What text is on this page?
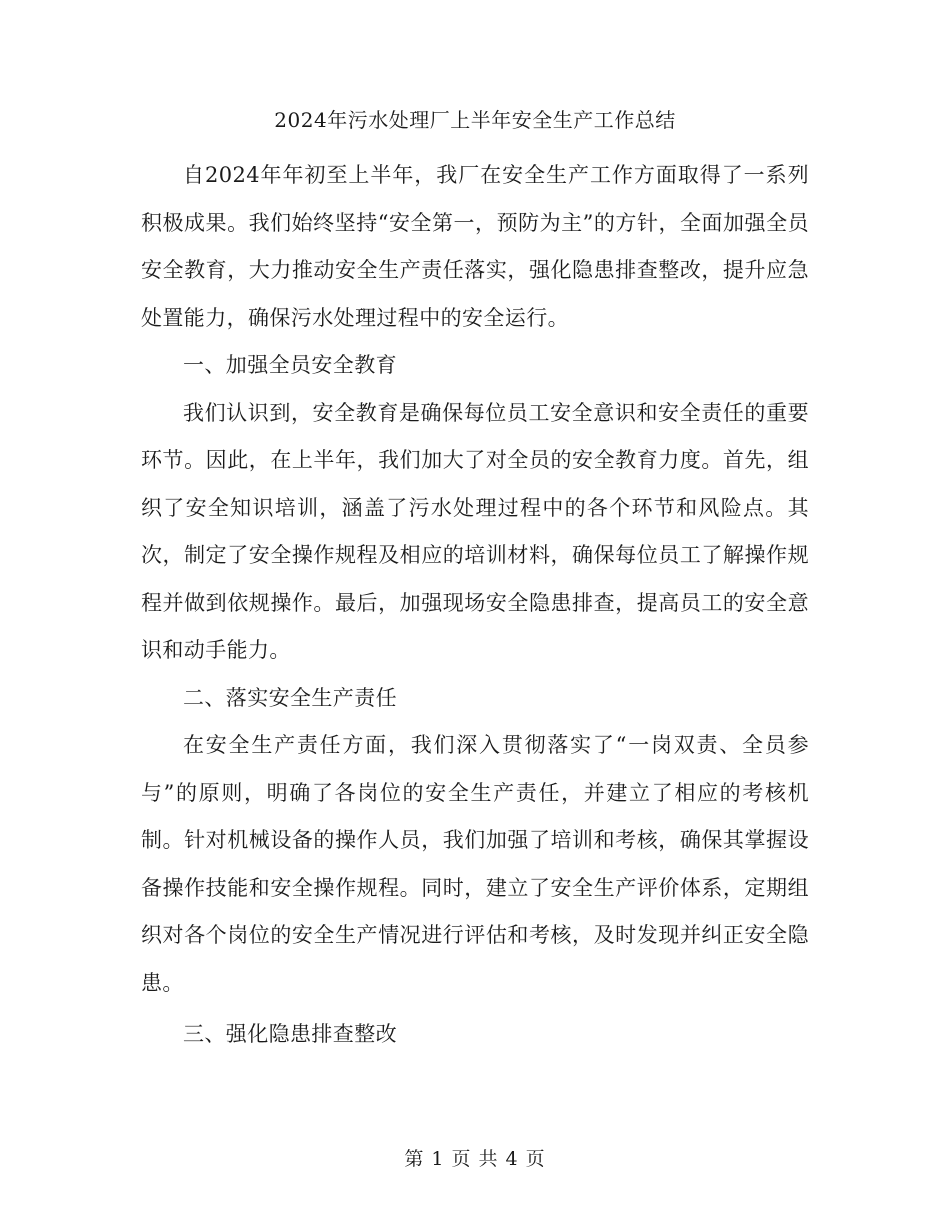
2024年污水处理厂上半年安全生产工作总结

自2024年年初至上半年，我厂在安全生产工作方面取得了一系列积极成果。我们始终坚持“安全第一，预防为主”的方针，全面加强全员安全教育，大力推动安全生产责任落实，强化隐患排查整改，提升应急处置能力，确保污水处理过程中的安全运行。

一、加强全员安全教育

我们认识到，安全教育是确保每位员工安全意识和安全责任的重要环节。因此，在上半年，我们加大了对全员的安全教育力度。首先，组织了安全知识培训，涵盖了污水处理过程中的各个环节和风险点。其次，制定了安全操作规程及相应的培训材料，确保每位员工了解操作规程并做到依规操作。最后，加强现场安全隐患排查，提高员工的安全意识和动手能力。

二、落实安全生产责任

在安全生产责任方面，我们深入贯彻落实了“一岗双责、全员参与”的原则，明确了各岗位的安全生产责任，并建立了相应的考核机制。针对机械设备的操作人员，我们加强了培训和考核，确保其掌握设备操作技能和安全操作规程。同时，建立了安全生产评价体系，定期组织对各个岗位的安全生产情况进行评估和考核，及时发现并纠正安全隐患。

三、强化隐患排查整改

第 1 页 共 4 页
